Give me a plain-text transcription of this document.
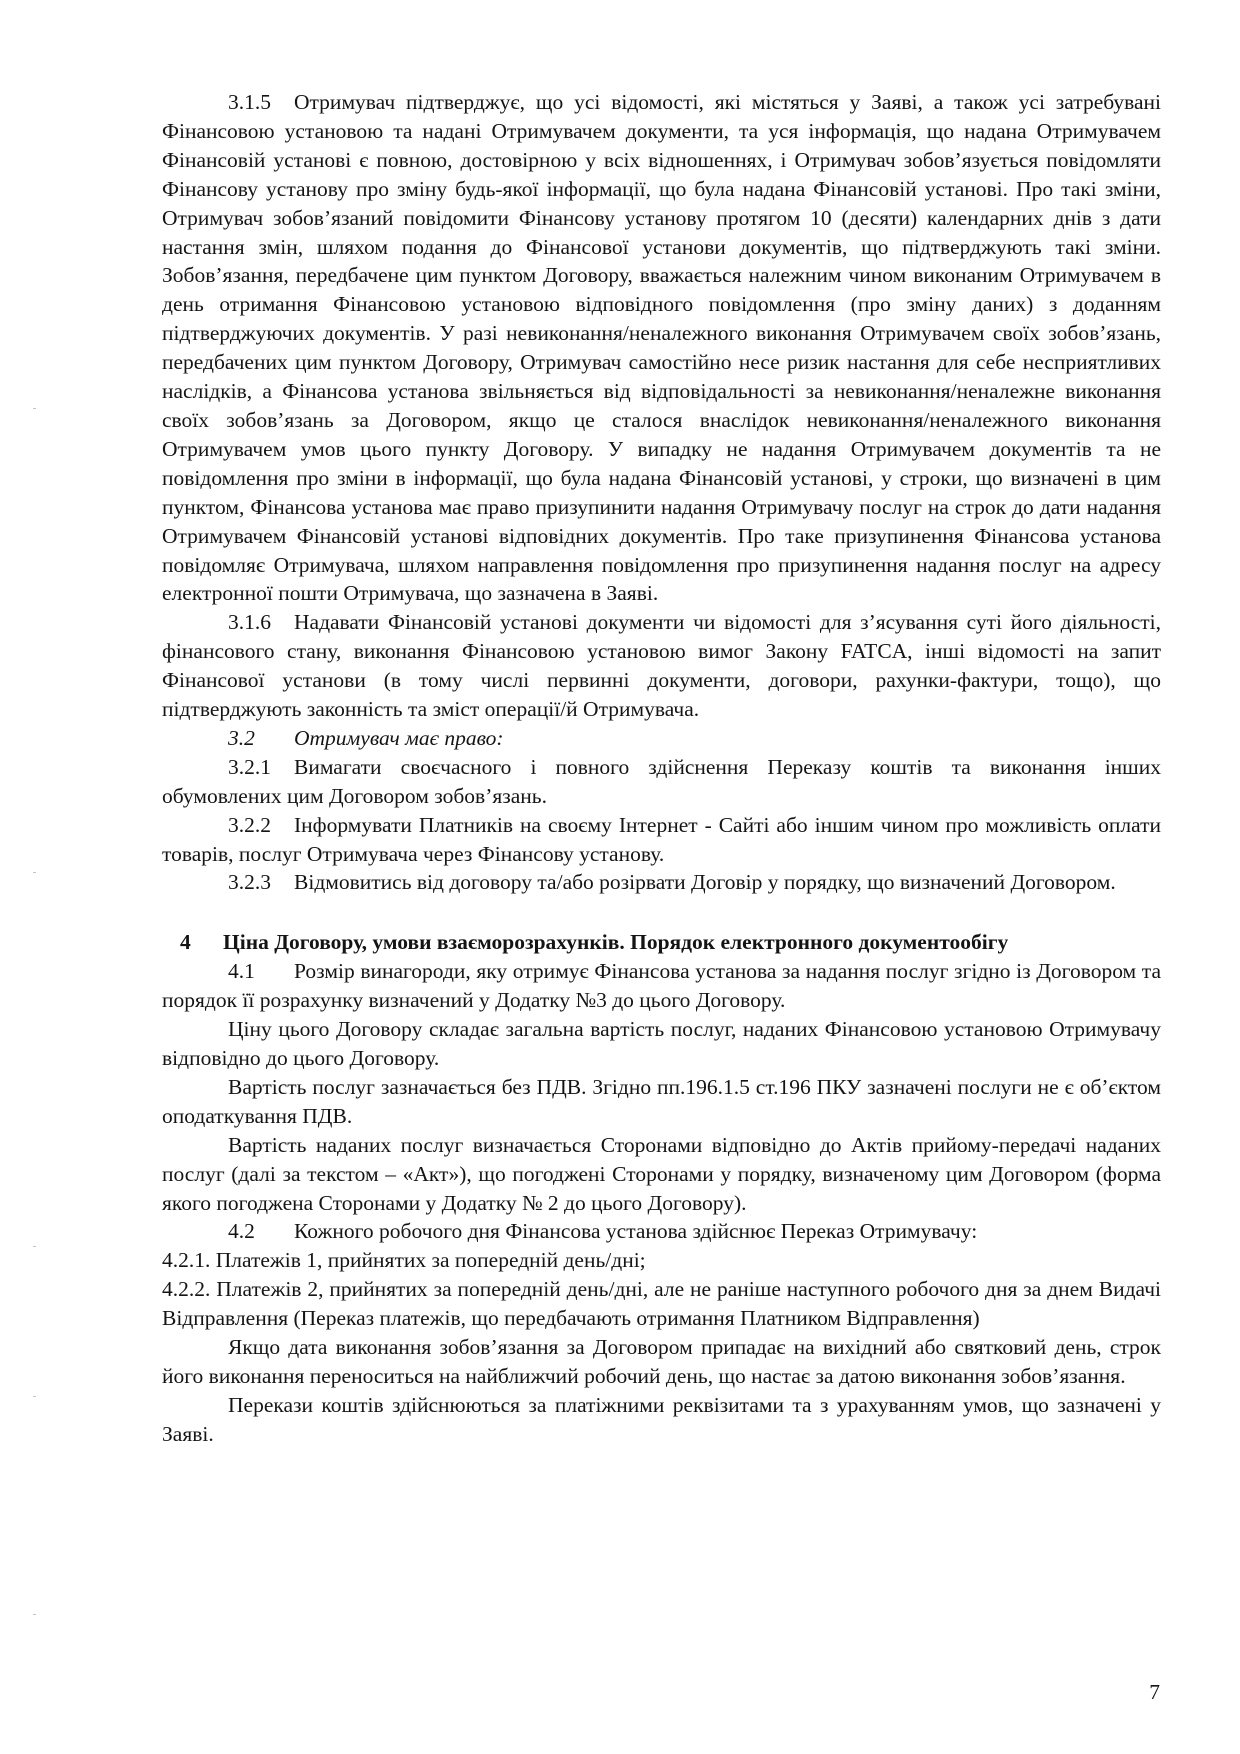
3.1.5 Отримувач підтверджує, що усі відомості, які містяться у Заяві, а також усі затребувані Фінансовою установою та надані Отримувачем документи, та уся інформація, що надана Отримувачем Фінансовій установі є повною, достовірною у всіх відношеннях, і Отримувач зобов’язується повідомляти Фінансову установу про зміну будь-якої інформації, що була надана Фінансовій установі. Про такі зміни, Отримувач зобов’язаний повідомити Фінансову установу протягом 10 (десяти) календарних днів з дати настання змін, шляхом подання до Фінансової установи документів, що підтверджують такі зміни. Зобов’язання, передбачене цим пунктом Договору, вважається належним чином виконаним Отримувачем в день отримання Фінансовою установою відповідного повідомлення (про зміну даних) з доданням підтверджуючих документів. У разі невиконання/неналежного виконання Отримувачем своїх зобов’язань, передбачених цим пунктом Договору, Отримувач самостійно несе ризик настання для себе несприятливих наслідків, а Фінансова установа звільняється від відповідальності за невиконання/неналежне виконання своїх зобов’язань за Договором, якщо це сталося внаслідок невиконання/неналежного виконання Отримувачем умов цього пункту Договору. У випадку не надання Отримувачем документів та не повідомлення про зміни в інформації, що була надана Фінансовій установі, у строки, що визначені в цим пунктом, Фінансова установа має право призупинити надання Отримувачу послуг на строк до дати надання Отримувачем Фінансовій установі відповідних документів. Про таке призупинення Фінансова установа повідомляє Отримувача, шляхом направлення повідомлення про призупинення надання послуг на адресу електронної пошти Отримувача, що зазначена в Заяві.

3.1.6 Надавати Фінансовій установі документи чи відомості для з’ясування суті його діяльності, фінансового стану, виконання Фінансовою установою вимог Закону FATCA, інші відомості на запит Фінансової установи (в тому числі первинні документи, договори, рахунки-фактури, тощо), що підтверджують законність та зміст операції/й Отримувача.

3.2 Отримувач має право:

3.2.1 Вимагати своєчасного і повного здійснення Переказу коштів та виконання інших обумовлених цим Договором зобов’язань.

3.2.2 Інформувати Платників на своєму Інтернет - Сайті або іншим чином про можливість оплати товарів, послуг Отримувача через Фінансову установу.

3.2.3 Відмовитись від договору та/або розірвати Договір у порядку, що визначений Договором.

4 Ціна Договору, умови взаєморозрахунків. Порядок електронного документообігу

4.1 Розмір винагороди, яку отримує Фінансова установа за надання послуг згідно із Договором та порядок її розрахунку визначений у Додатку №3 до цього Договору.

Ціну цього Договору складає загальна вартість послуг, наданих Фінансовою установою Отримувачу відповідно до цього Договору.

Вартість послуг зазначається без ПДВ. Згідно пп.196.1.5 ст.196 ПКУ зазначені послуги не є об’єктом оподаткування ПДВ.

Вартість наданих послуг визначається Сторонами відповідно до Актів прийому-передачі наданих послуг (далі за текстом – «Акт»), що погоджені Сторонами у порядку, визначеному цим Договором (форма якого погоджена Сторонами у Додатку № 2 до цього Договору).

4.2 Кожного робочого дня Фінансова установа здійснює Переказ Отримувачу:

4.2.1. Платежів 1, прийнятих за попередній день/дні;

4.2.2. Платежів 2, прийнятих за попередній день/дні, але не раніше наступного робочого дня за днем Видачі Відправлення (Переказ платежів, що передбачають отримання Платником Відправлення)

Якщо дата виконання зобов’язання за Договором припадає на вихідний або святковий день, строк його виконання переноситься на найближчий робочий день, що настає за датою виконання зобов’язання.

Перекази коштів здійснюються за платіжними реквізитами та з урахуванням умов, що зазначені у Заяві.

7
